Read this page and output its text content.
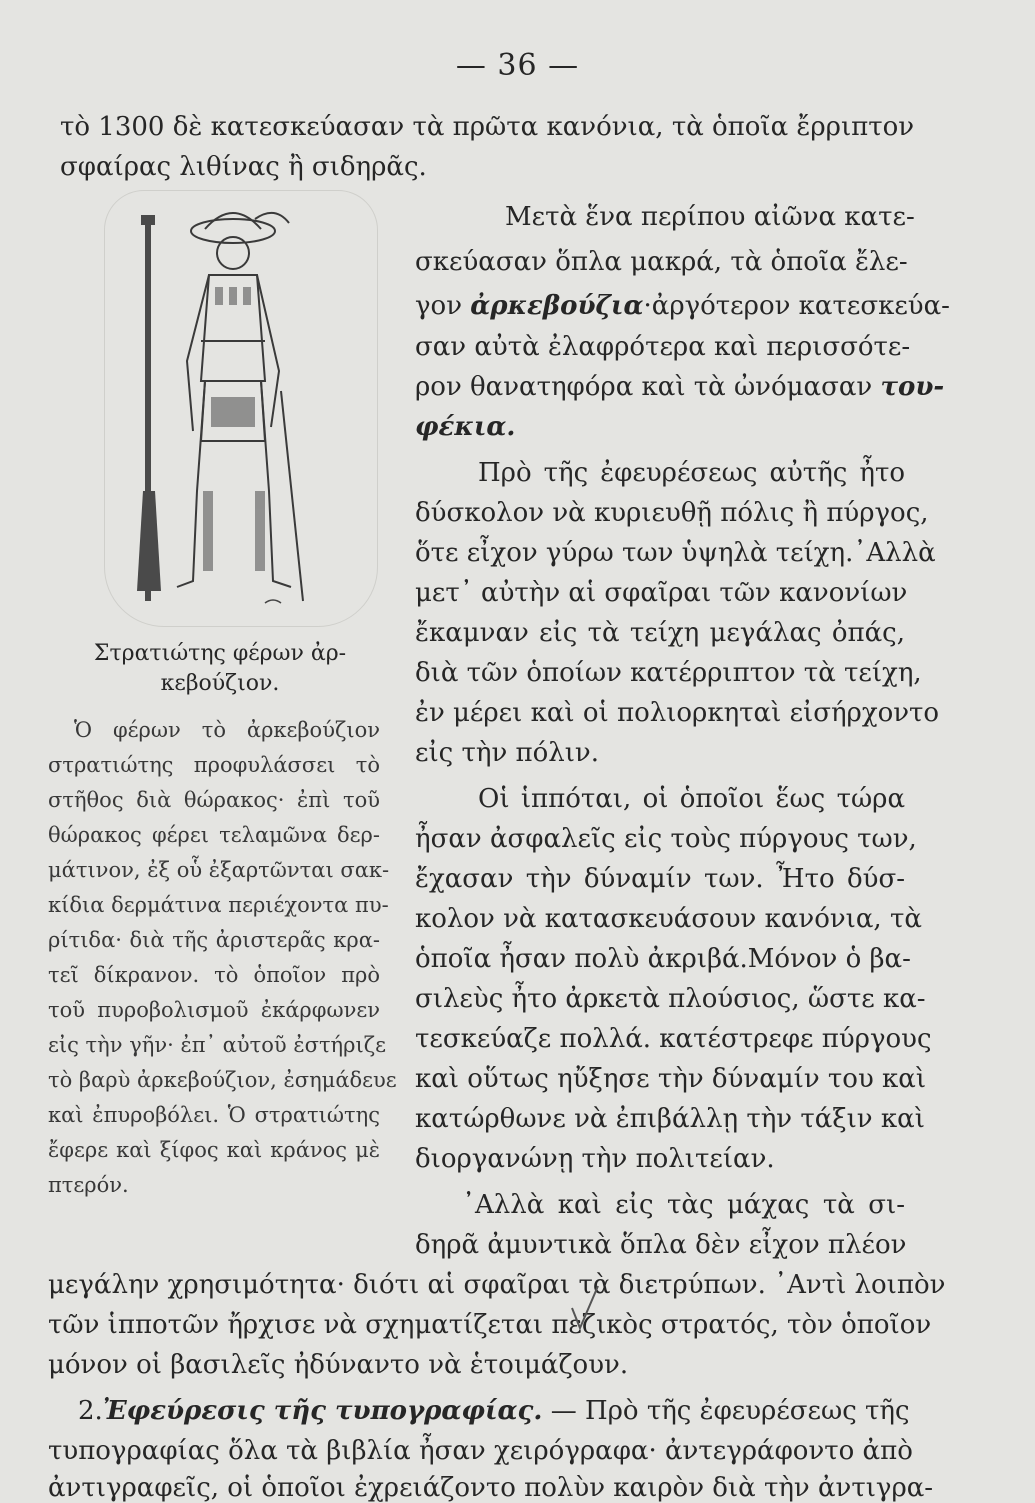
— 36 —
τὸ 1300 δὲ κατεσκεύασαν τὰ πρῶτα κανόνια, τὰ ὁποῖα ἔρριπτον
σφαίρας λιθίνας ἢ σιδηρᾶς.
Στρατιώτης φέρων ἀρ-
κεβούζιον.
Ὁ φέρων τὸ ἀρκεβούζιον
στρατιώτης προφυλάσσει τὸ
στῆθος διὰ θώρακος· ἐπὶ τοῦ
θώρακος φέρει τελαμῶνα δερ-
μάτινον, ἐξ οὗ ἐξαρτῶνται σακ-
κίδια δερμάτινα περιέχοντα πυ-
ρίτιδα· διὰ τῆς ἀριστερᾶς κρα-
τεῖ δίκρανον. τὸ ὁποῖον πρὸ
τοῦ πυροβολισμοῦ ἐκάρφωνεν
εἰς τὴν γῆν· ἐπ᾽ αὐτοῦ ἐστήριζε
τὸ βαρὺ ἀρκεβούζιον, ἐσημάδευε
καὶ ἐπυροβόλει. Ὁ στρατιώτης
ἔφερε καὶ ξίφος καὶ κράνος μὲ
πτερόν.
Μετὰ ἕνα περίπου αἰῶνα κατε-
σκεύασαν ὅπλα μακρά, τὰ ὁποῖα ἔλε-
γον ἀρκεβούζια·ἀργότερον κατεσκεύα-
σαν αὐτὰ ἐλαφρότερα καὶ περισσότε-
ρον θανατηφόρα καὶ τὰ ὠνόμασαν του-
φέκια.
Πρὸ τῆς ἐφευρέσεως αὐτῆς ἦτο
δύσκολον νὰ κυριευθῇ πόλις ἢ πύργος,
ὅτε εἶχον γύρω των ὑψηλὰ τείχη.᾿Αλλὰ
μετ᾽ αὐτὴν αἱ σφαῖραι τῶν κανονίων
ἔκαμναν εἰς τὰ τείχη μεγάλας ὀπάς,
διὰ τῶν ὁποίων κατέρριπτον τὰ τείχη,
ἐν μέρει καὶ οἱ πολιορκηταὶ εἰσήρχοντο
εἰς τὴν πόλιν.
Οἱ ἱππόται, οἱ ὁποῖοι ἕως τώρα
ἦσαν ἀσφαλεῖς εἰς τοὺς πύργους των,
ἔχασαν τὴν δύναμίν των. Ἦτο δύσ-
κολον νὰ κατασκευάσουν κανόνια, τὰ
ὁποῖα ἦσαν πολὺ ἀκριβά.Μόνον ὁ βα-
σιλεὺς ἦτο ἀρκετὰ πλούσιος, ὥστε κα-
τεσκεύαζε πολλά. κατέστρεφε πύργους
καὶ οὕτως ηὔξησε τὴν δύναμίν του καὶ
κατώρθωνε νὰ ἐπιβάλλῃ τὴν τάξιν καὶ
διοργανώνῃ τὴν πολιτείαν.
᾿Αλλὰ καὶ εἰς τὰς μάχας τὰ σι-
δηρᾶ ἀμυντικὰ ὅπλα δὲν εἶχον πλέον
μεγάλην χρησιμότητα· διότι αἱ σφαῖραι τὰ διετρύπων. ᾿Αντὶ λοιπὸν
τῶν ἱπποτῶν ἤρχισε νὰ σχηματίζεται πεζικὸς στρατός, τὸν ὁποῖον
μόνον οἱ βασιλεῖς ἠδύναντο νὰ ἑτοιμάζουν.
2.Ἐφεύρεσις τῆς τυπογραφίας. — Πρὸ τῆς ἐφευρέσεως τῆς
τυπογραφίας ὅλα τὰ βιβλία ἦσαν χειρόγραφα· ἀντεγράφοντο ἀπὸ
ἀντιγραφεῖς, οἱ ὁποῖοι ἐχρειάζοντο πολὺν καιρὸν διὰ τὴν ἀντιγρα-
